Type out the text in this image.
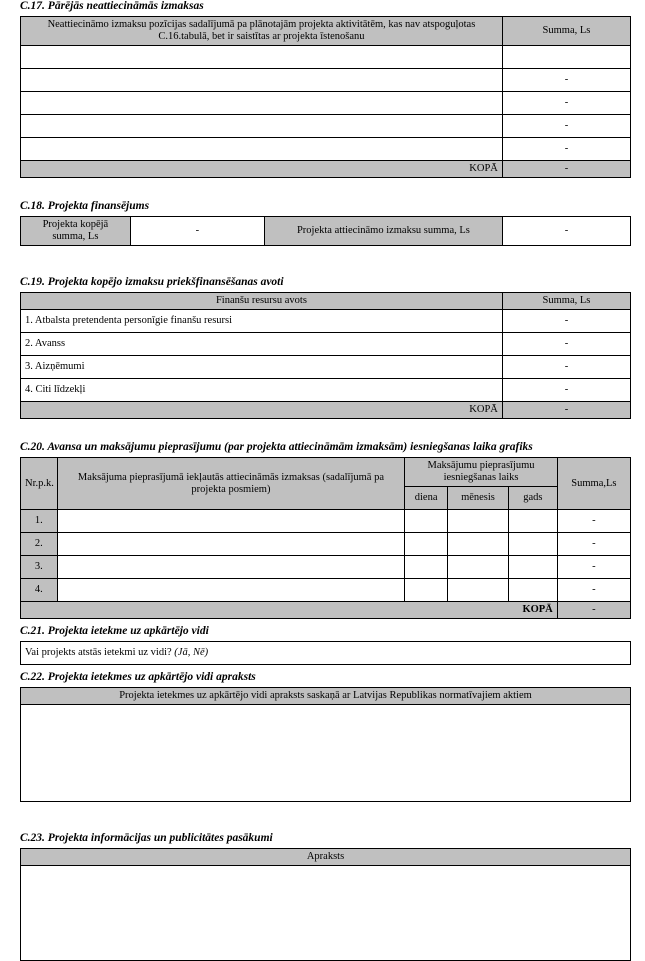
C.17. Pārējās neattiecināmās izmaksas
Neattiecināmo izmaksu pozīcijas sadalījumā pa plānotajām projekta aktivitātēm, kas nav atspoguļotas C.16.tabulā, bet ir saistītas ar projekta īstenošanu	Summa, Ls

	-
	-
	-
	-
KOPĀ	-
C.18. Projekta finansējums
Projekta kopējā summa, Ls	-	Projekta attiecināmo izmaksu summa, Ls	-
C.19. Projekta kopējo izmaksu priekšfinansēšanas avoti
Finanšu resursu avots	Summa, Ls
1. Atbalsta pretendenta personīgie finanšu resursi	-
2. Avanss	-
3. Aizņēmumi	-
4. Citi līdzekļi	-
KOPĀ	-
C.20. Avansa un maksājumu pieprasījumu (par projekta attiecināmām izmaksām) iesniegšanas laika grafiks
Nr.p.k.	Maksājuma pieprasījumā iekļautās attiecināmās izmaksas (sadalījumā pa projekta posmiem)	Maksājumu pieprasījumu iesniegšanas laiks			Summa,Ls
		diena	mēnesis	gads	
1.					-
2.					-
3.					-
4.					-
KOPĀ					-
C.21. Projekta ietekme uz apkārtējo vidi
Vai projekts atstās ietekmi uz vidi? (Jā, Nē)
C.22. Projekta ietekmes uz apkārtējo vidi apraksts
Projekta ietekmes uz apkārtējo vidi apraksts saskaņā ar Latvijas Republikas normatīvajiem aktiem

C.23. Projekta informācijas un publicitātes pasākumi
Apraksts
